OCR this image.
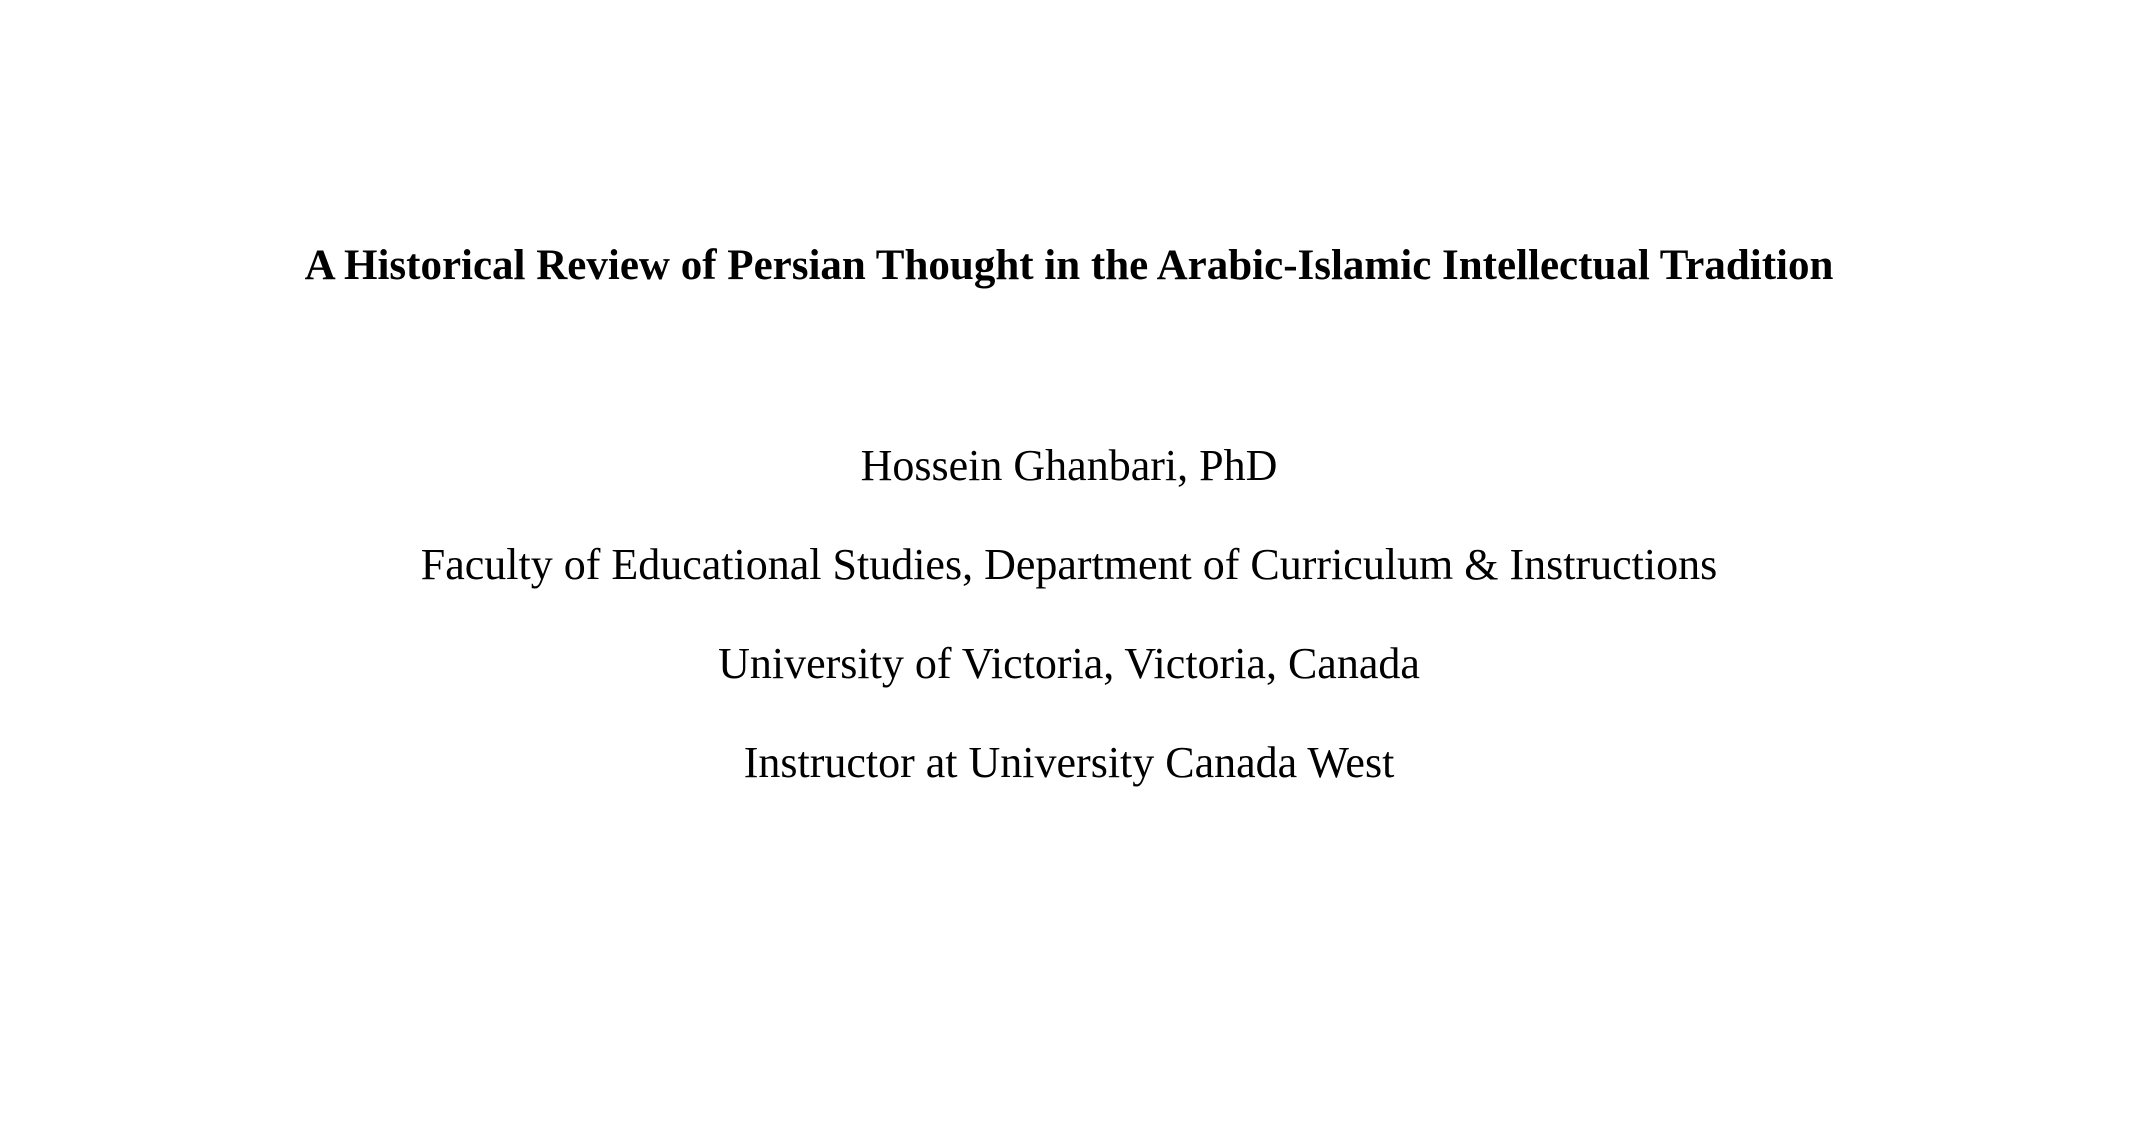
A Historical Review of Persian Thought in the Arabic-Islamic Intellectual Tradition
Hossein Ghanbari, PhD
Faculty of Educational Studies, Department of Curriculum & Instructions
University of Victoria, Victoria, Canada
Instructor at University Canada West
